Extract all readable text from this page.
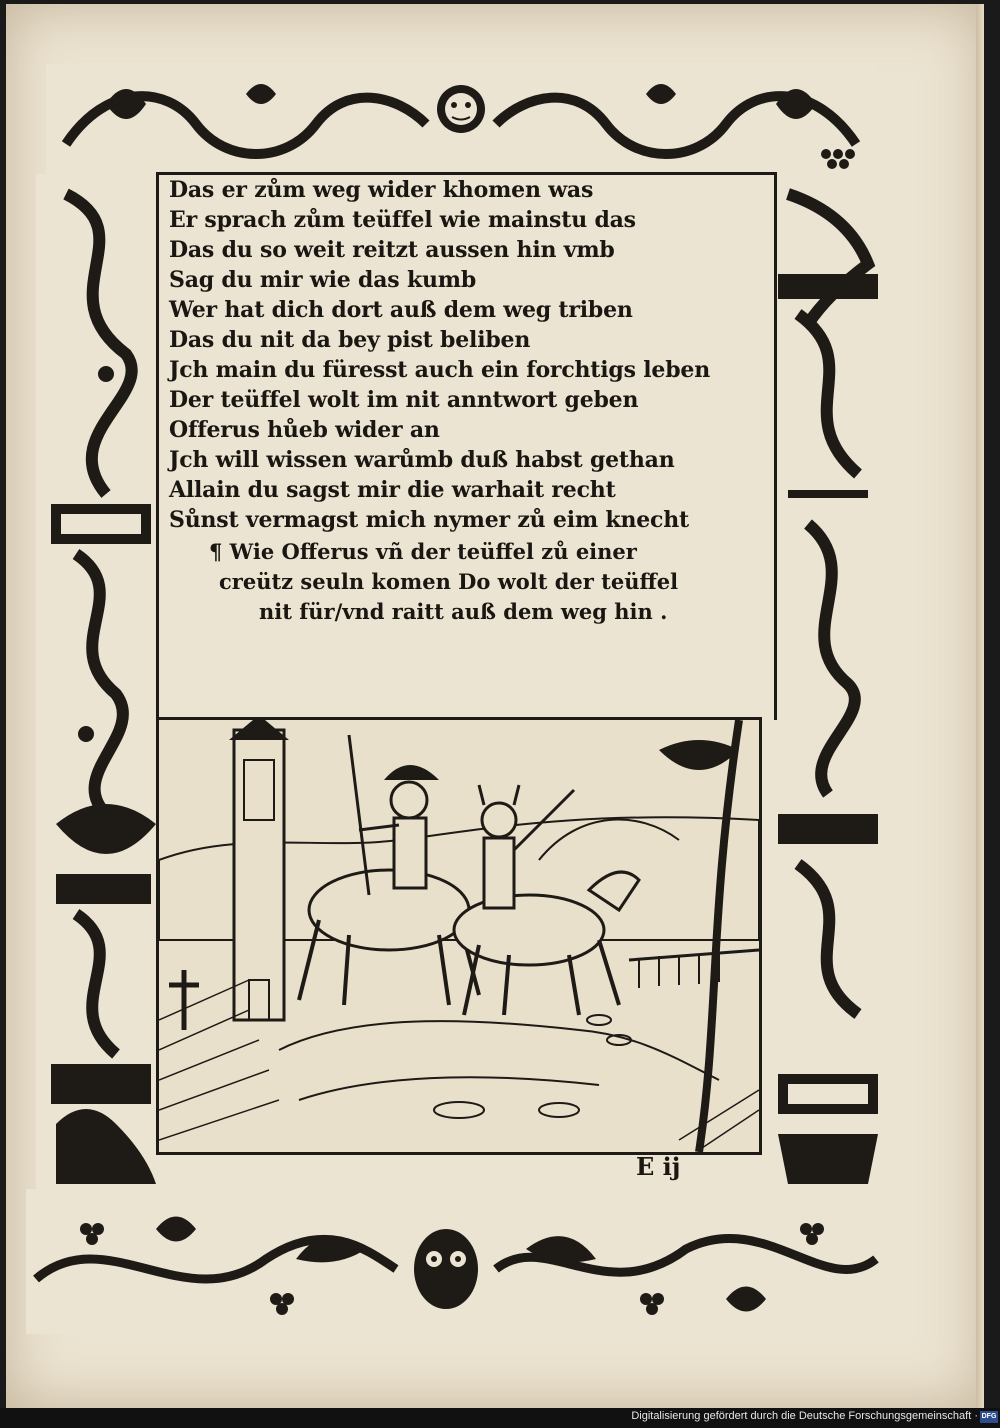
Das er zům weg wider khomen was
Er sprach zům teüffel wie mainstu das
Das du so weit reitzt aussen hin vmb
Sag du mir wie das kumb
Wer hat dich dort auß dem weg triben
Das du nit da bey pist beliben
Jch main du füresst auch ein forchtigs leben
Der teüffel wolt im nit anntwort geben
Offerus hůeb wider an
Jch will wissen warůmb duß habst gethan
Allain du sagst mir die warhait recht
Sůnst vermagst mich nymer zů eim knecht
¶ Wie Offerus vñ der teüffel zů einer
creütz seuln komen Do wolt der teüffel
nit für/vnd raitt auß dem weg hin .
E ij
Digitalisierung gefördert durch die Deutsche Forschungsgemeinschaft · DFG
